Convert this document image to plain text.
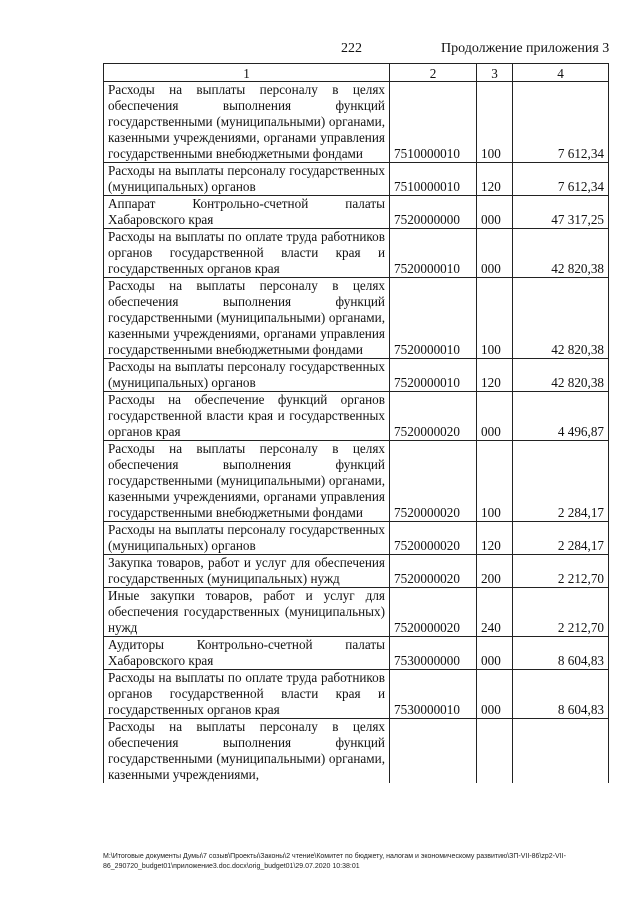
222	Продолжение приложения 3
1	2	3	4
Расходы на выплаты персоналу в целях обеспечения выполнения функций государственными (муниципальными) органами, казенными учреждениями, органами управления государственными внебюджетными фондами	7510000010	100	7 612,34
Расходы на выплаты персоналу государственных (муниципальных) органов	7510000010	120	7 612,34
Аппарат Контрольно-счетной палаты Хабаровского края	7520000000	000	47 317,25
Расходы на выплаты по оплате труда работников органов государственной власти края и государственных органов края	7520000010	000	42 820,38
Расходы на выплаты персоналу в целях обеспечения выполнения функций государственными (муниципальными) органами, казенными учреждениями, органами управления государственными внебюджетными фондами	7520000010	100	42 820,38
Расходы на выплаты персоналу государственных (муниципальных) органов	7520000010	120	42 820,38
Расходы на обеспечение функций органов государственной власти края и государственных органов края	7520000020	000	4 496,87
Расходы на выплаты персоналу в целях обеспечения выполнения функций государственными (муниципальными) органами, казенными учреждениями, органами управления государственными внебюджетными фондами	7520000020	100	2 284,17
Расходы на выплаты персоналу государственных (муниципальных) органов	7520000020	120	2 284,17
Закупка товаров, работ и услуг для обеспечения государственных (муниципальных) нужд	7520000020	200	2 212,70
Иные закупки товаров, работ и услуг для обеспечения государственных (муниципальных) нужд	7520000020	240	2 212,70
Аудиторы Контрольно-счетной палаты Хабаровского края	7530000000	000	8 604,83
Расходы на выплаты по оплате труда работников органов государственной власти края и государственных органов края	7530000010	000	8 604,83
Расходы на выплаты персоналу в целях обеспечения выполнения функций государственными (муниципальными) органами, казенными учреждениями,			
M:\Итоговые документы Думы\7 созыв\Проекты\Законы\2 чтение\Комитет по бюджету, налогам и экономическому развитию\ЗП-VII-86\zp2-VII-86_290720_budget01\приложение3.doc.docx\orig_budget01\29.07.2020 10:38:01
